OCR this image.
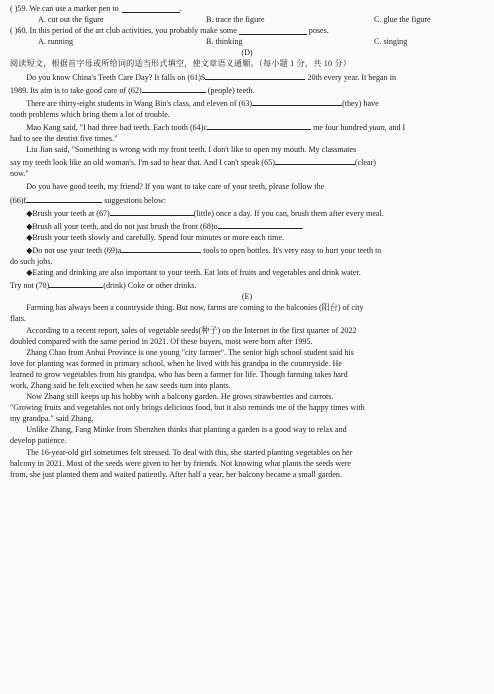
( )59. We can use a marker pen to	.
A. cut out the figure	B. trace the figure	C. glue the figure
( )60. In this period of the art club activities, you probably make some	poses.
A. running	B. thinking	C. singing

(D)

阅读短文，根据首字母或所给词的适当形式填空，使文章语义通顺。（每小题 1 分，共 10 分）

Do you know China's Teeth Care Day? It falls on (61)S	20th every year. It began in

1989. Its aim is to take good care of (62)	(people) teeth.

There are thirty-eight students in Wang Bin's class, and eleven of (63)	(they) have

tooth problems which bring them a lot of trouble.

Mao Kang said, "I had three bad teeth. Each tooth (64)c	me four hundred yuan, and I

had to see the dentist five times."

Liu Jian said, "Something is wrong with my front teeth. I don't like to open my mouth. My classmates

say my teeth look like an old woman's. I'm sad to hear that. And I can't speak (65)	(clear)

now."

Do you have good teeth, my friend? If you want to take care of your teeth, please follow the

(66)f	suggestions below:

◆Brush your teeth at (67)	(little) once a day. If you can, brush them after every meal.

◆Brush all your teeth, and do not just brush the front (68)o	.

◆Brush your teeth slowly and carefully. Spend four minutes or more each time.

◆Do not use your teeth (69)a	tools to open bottles. It's very easy to hurt your teeth to

do such jobs.

◆Eating and drinking are also important to your teeth. Eat lots of fruits and vegetables and drink water.

Try not (70)	(drink) Coke or other drinks.

(E)

Farming has always been a countryside thing. But now, farms are coming to the balconies (阳台) of city

flats.

According to a recent report, sales of vegetable seeds(种子) on the Internet in the first quarter of 2022

doubled compared with the same period in 2021. Of these buyers, most were born after 1995.

Zhang Chao from Anhui Province is one young "city farmer". The senior high school student said his

love for planting was formed in primary school, when he lived with his grandpa in the countryside. He

learned to grow vegetables from his grandpa, who has been a farmer for life. Though farming takes hard

work, Zhang said he felt excited when he saw seeds turn into plants.

Now Zhang still keeps up his hobby with a balcony garden. He grows strawberries and carrots.

"Growing fruits and vegetables not only brings delicious food, but it also reminds me of the happy times with

my grandpa." said Zhang.

Unlike Zhang, Fang Minke from Shenzhen thinks that planting a garden is a good way to relax and

develop patience.

The 16-year-old girl sometimes felt stressed. To deal with this, she started planting vegetables on her

balcony in 2021. Most of the seeds were given to her by friends. Not knowing what plants the seeds were

from, she just planted them and waited patiently. After half a year, her balcony became a small garden.
